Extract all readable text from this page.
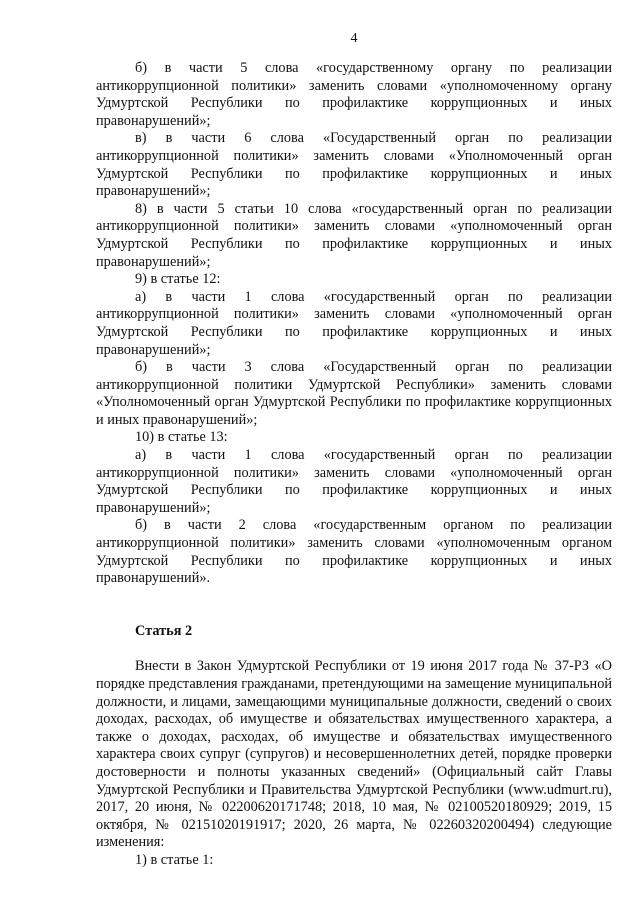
4

б) в части 5 слова «государственному органу по реализации антикоррупционной политики» заменить словами «уполномоченному органу Удмуртской Республики по профилактике коррупционных и иных правонарушений»;

в) в части 6 слова «Государственный орган по реализации антикоррупционной политики» заменить словами «Уполномоченный орган Удмуртской Республики по профилактике коррупционных и иных правонарушений»;

8) в части 5 статьи 10 слова «государственный орган по реализации антикоррупционной политики» заменить словами «уполномоченный орган Удмуртской Республики по профилактике коррупционных и иных правонарушений»;

9) в статье 12:

а) в части 1 слова «государственный орган по реализации антикоррупционной политики» заменить словами «уполномоченный орган Удмуртской Республики по профилактике коррупционных и иных правонарушений»;

б) в части 3 слова «Государственный орган по реализации антикоррупционной политики Удмуртской Республики» заменить словами «Уполномоченный орган Удмуртской Республики по профилактике коррупционных и иных правонарушений»;

10) в статье 13:

а) в части 1 слова «государственный орган по реализации антикоррупционной политики» заменить словами «уполномоченный орган Удмуртской Республики по профилактике коррупционных и иных правонарушений»;

б) в части 2 слова «государственным органом по реализации антикоррупционной политики» заменить словами «уполномоченным органом Удмуртской Республики по профилактике коррупционных и иных правонарушений».

Статья 2

Внести в Закон Удмуртской Республики от 19 июня 2017 года № 37-РЗ «О порядке представления гражданами, претендующими на замещение муниципальной должности, и лицами, замещающими муниципальные должности, сведений о своих доходах, расходах, об имуществе и обязательствах имущественного характера, а также о доходах, расходах, об имуществе и обязательствах имущественного характера своих супруг (супругов) и несовершеннолетних детей, порядке проверки достоверности и полноты указанных сведений» (Официальный сайт Главы Удмуртской Республики и Правительства Удмуртской Республики (www.udmurt.ru), 2017, 20 июня, № 02200620171748; 2018, 10 мая, № 02100520180929; 2019, 15 октября, № 02151020191917; 2020, 26 марта, № 02260320200494) следующие изменения:

1) в статье 1:
